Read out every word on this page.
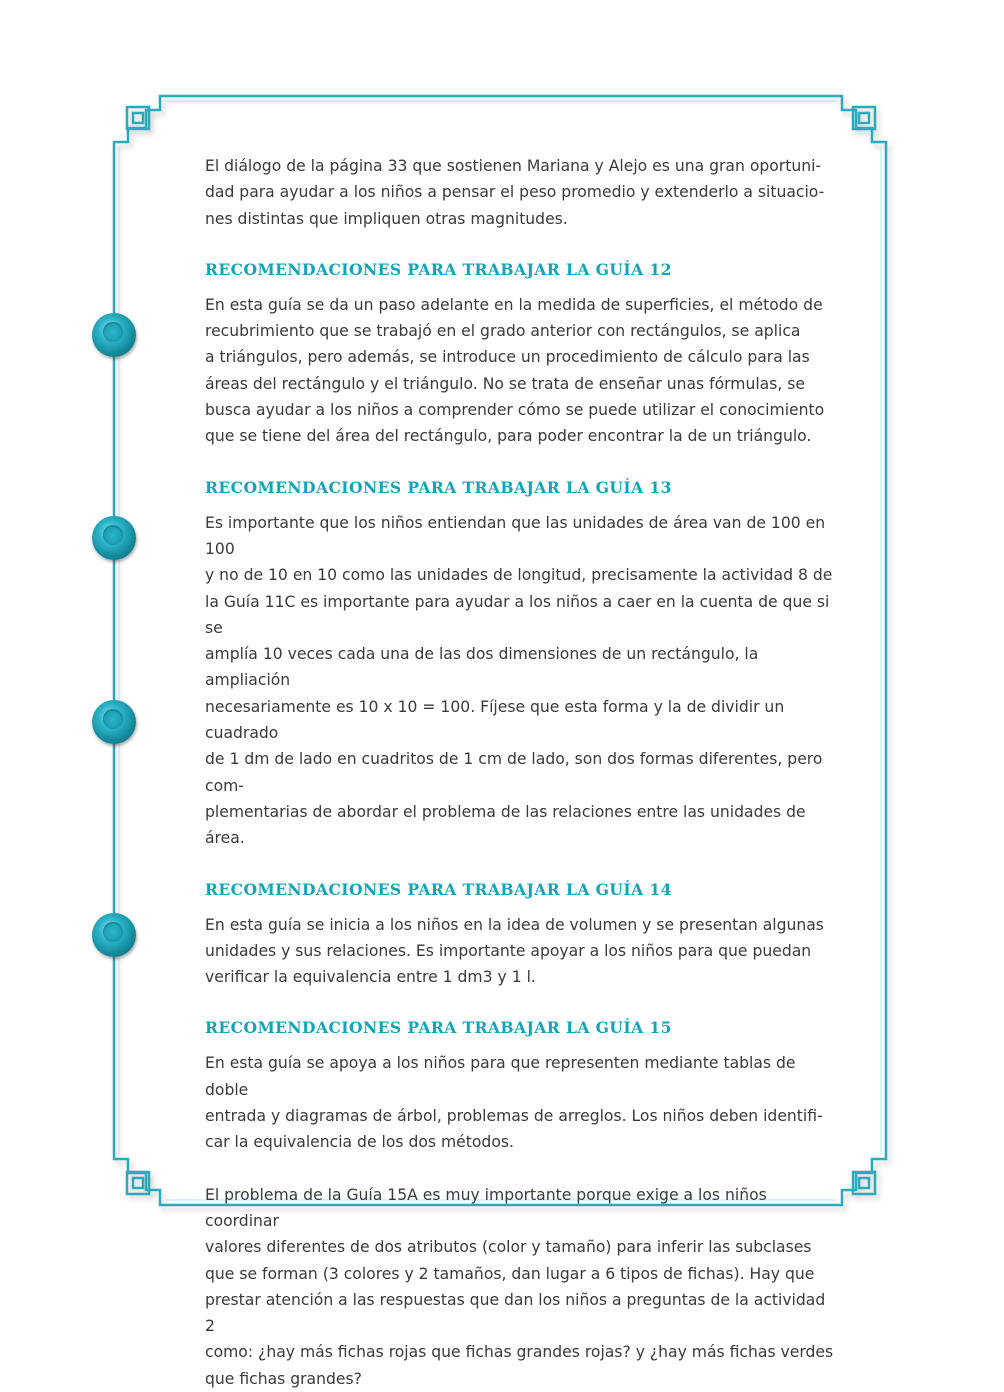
El diálogo de la página 33 que sostienen Mariana y Alejo es una gran oportuni-
dad para ayudar a los niños a pensar el peso promedio y extenderlo a situacio-
nes distintas que impliquen otras magnitudes.

RECOMENDACIONES PARA TRABAJAR LA GUÍA 12

En esta guía se da un paso adelante en la medida de superficies, el método de
recubrimiento que se trabajó en el grado anterior con rectángulos, se aplica
a triángulos, pero además, se introduce un procedimiento de cálculo para las
áreas del rectángulo y el triángulo. No se trata de enseñar unas fórmulas, se
busca ayudar a los niños a comprender cómo se puede utilizar el conocimiento
que se tiene del área del rectángulo, para poder encontrar la de un triángulo.

RECOMENDACIONES PARA TRABAJAR LA GUÍA 13

Es importante que los niños entiendan que las unidades de área van de 100 en 100
y no de 10 en 10 como las unidades de longitud, precisamente la actividad 8 de
la Guía 11C es importante para ayudar a los niños a caer en la cuenta de que si se
amplía 10 veces cada una de las dos dimensiones de un rectángulo, la ampliación
necesariamente es 10 x 10 = 100. Fíjese que esta forma y la de dividir un cuadrado
de 1 dm de lado en cuadritos de 1 cm de lado, son dos formas diferentes, pero com-
plementarias de abordar el problema de las relaciones entre las unidades de área.

RECOMENDACIONES PARA TRABAJAR LA GUÍA 14

En esta guía se inicia a los niños en la idea de volumen y se presentan algunas
unidades y sus relaciones. Es importante apoyar a los niños para que puedan
verificar la equivalencia entre 1 dm3 y 1 l.

RECOMENDACIONES PARA TRABAJAR LA GUÍA 15

En esta guía se apoya a los niños para que representen mediante tablas de doble
entrada y diagramas de árbol, problemas de arreglos. Los niños deben identifi-
car la equivalencia de los dos métodos.

El problema de la Guía 15A es muy importante porque exige a los niños coordinar
valores diferentes de dos atributos (color y tamaño) para inferir las subclases
que se forman (3 colores y 2 tamaños, dan lugar a 6 tipos de fichas). Hay que
prestar atención a las respuestas que dan los niños a preguntas de la actividad 2
como: ¿hay más fichas rojas que fichas grandes rojas? y ¿hay más fichas verdes
que fichas grandes?
